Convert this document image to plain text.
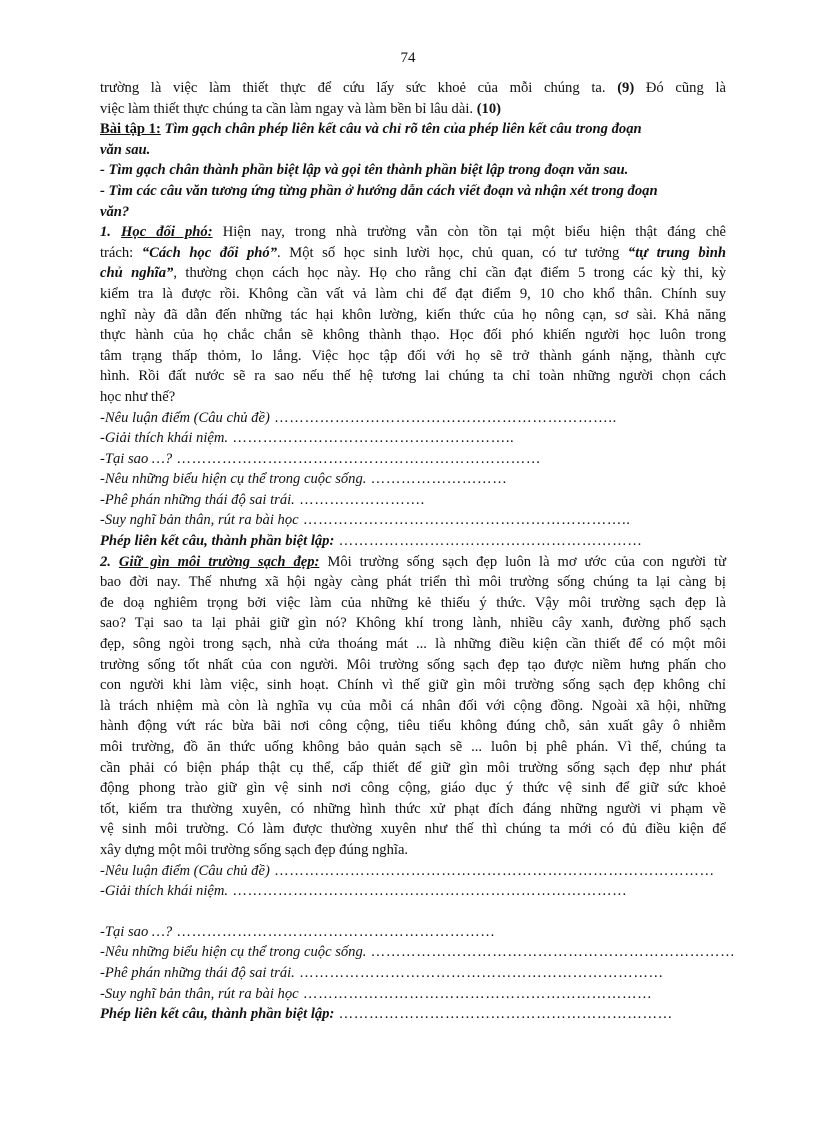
74
trường là việc làm thiết thực để cứu lấy sức khoẻ của mỗi chúng ta. (9) Đó cũng là
việc làm thiết thực chúng ta cần làm ngay và làm bền bỉ lâu dài. (10)
Bài tập 1: Tìm gạch chân phép liên kết câu và chỉ rõ tên của phép liên kết câu trong đoạn
văn sau.
- Tìm gạch chân thành phần biệt lập và gọi tên thành phần biệt lập trong đoạn văn sau.
- Tìm các câu văn tương ứng từng phần ở hướng dẫn cách viết đoạn và nhận xét trong đoạn
văn?
1. Học đối phó: Hiện nay, trong nhà trường vẫn còn tồn tại một biểu hiện thật đáng chê
trách: “Cách học đối phó”. Một số học sinh lười học, chủ quan, có tư tưởng “tự trung bình
chủ nghĩa”, thường chọn cách học này. Họ cho rằng chỉ cần đạt điểm 5 trong các kỳ thi, kỳ
kiểm tra là được rồi. Không cần vất vả làm chi để đạt điểm 9, 10 cho khổ thân. Chính suy
nghĩ này đã dẫn đến những tác hại khôn lường, kiến thức của họ nông cạn, sơ sài. Khả năng
thực hành của họ chắc chắn sẽ không thành thạo. Học đối phó khiến người học luôn trong
tâm trạng thấp thỏm, lo lắng. Việc học tập đối với họ sẽ trở thành gánh nặng, thành cực
hình. Rồi đất nước sẽ ra sao nếu thế hệ tương lai chúng ta chỉ toàn những người chọn cách
học như thế?
-Nêu luận điểm (Câu chủ đề) …………………………………………………………..
-Giải thích khái niệm. ………………………………………………..
-Tại sao …? ………………………………………………………………
-Nêu những biểu hiện cụ thể trong cuộc sống. ………………………
-Phê phán những thái độ sai trái. …………………….
-Suy nghĩ bản thân, rút ra bài học ………………………………………………………..
Phép liên kết câu, thành phần biệt lập: ……………………………………………………
2. Giữ gìn môi trường sạch đẹp: Môi trường sống sạch đẹp luôn là mơ ước của con người từ
bao đời nay. Thế nhưng xã hội ngày càng phát triển thì môi trường sống chúng ta lại càng bị
đe doạ nghiêm trọng bởi việc làm của những kẻ thiếu ý thức. Vậy môi trường sạch đẹp là
sao? Tại sao ta lại phải giữ gìn nó? Không khí trong lành, nhiều cây xanh, đường phố sạch
đẹp, sông ngòi trong sạch, nhà cửa thoáng mát ... là những điều kiện cần thiết để có một môi
trường sống tốt nhất của con người. Môi trường sống sạch đẹp tạo được niềm hưng phấn cho
con người khi làm việc, sinh hoạt. Chính vì thế giữ gìn môi trường sống sạch đẹp không chỉ
là trách nhiệm mà còn là nghĩa vụ của mỗi cá nhân đối với cộng đồng. Ngoài xã hội, những
hành động vứt rác bừa bãi nơi công cộng, tiêu tiểu không đúng chỗ, sản xuất gây ô nhiễm
môi trường, đồ ăn thức uống không bảo quản sạch sẽ ... luôn bị phê phán. Vì thế, chúng ta
cần phải có biện pháp thật cụ thể, cấp thiết để giữ gìn môi trường sống sạch đẹp như phát
động phong trào giữ gìn vệ sinh nơi công cộng, giáo dục ý thức vệ sinh để giữ sức khoẻ
tốt, kiểm tra thường xuyên, có những hình thức xử phạt đích đáng những người vi phạm về
vệ sinh môi trường. Có làm được thường xuyên như thế thì chúng ta mới có đủ điều kiện để
xây dựng một môi trường sống sạch đẹp đúng nghĩa.
-Nêu luận điểm (Câu chủ đề) ……………………………………………………………………………
-Giải thích khái niệm. ……………………………………………………………………
-Tại sao …? ………………………………………………………
-Nêu những biểu hiện cụ thể trong cuộc sống. ………………………………………………………………
-Phê phán những thái độ sai trái. ………………………………………………………………
-Suy nghĩ bản thân, rút ra bài học ……………………………………………………………
Phép liên kết câu, thành phần biệt lập: …………………………………………………………
